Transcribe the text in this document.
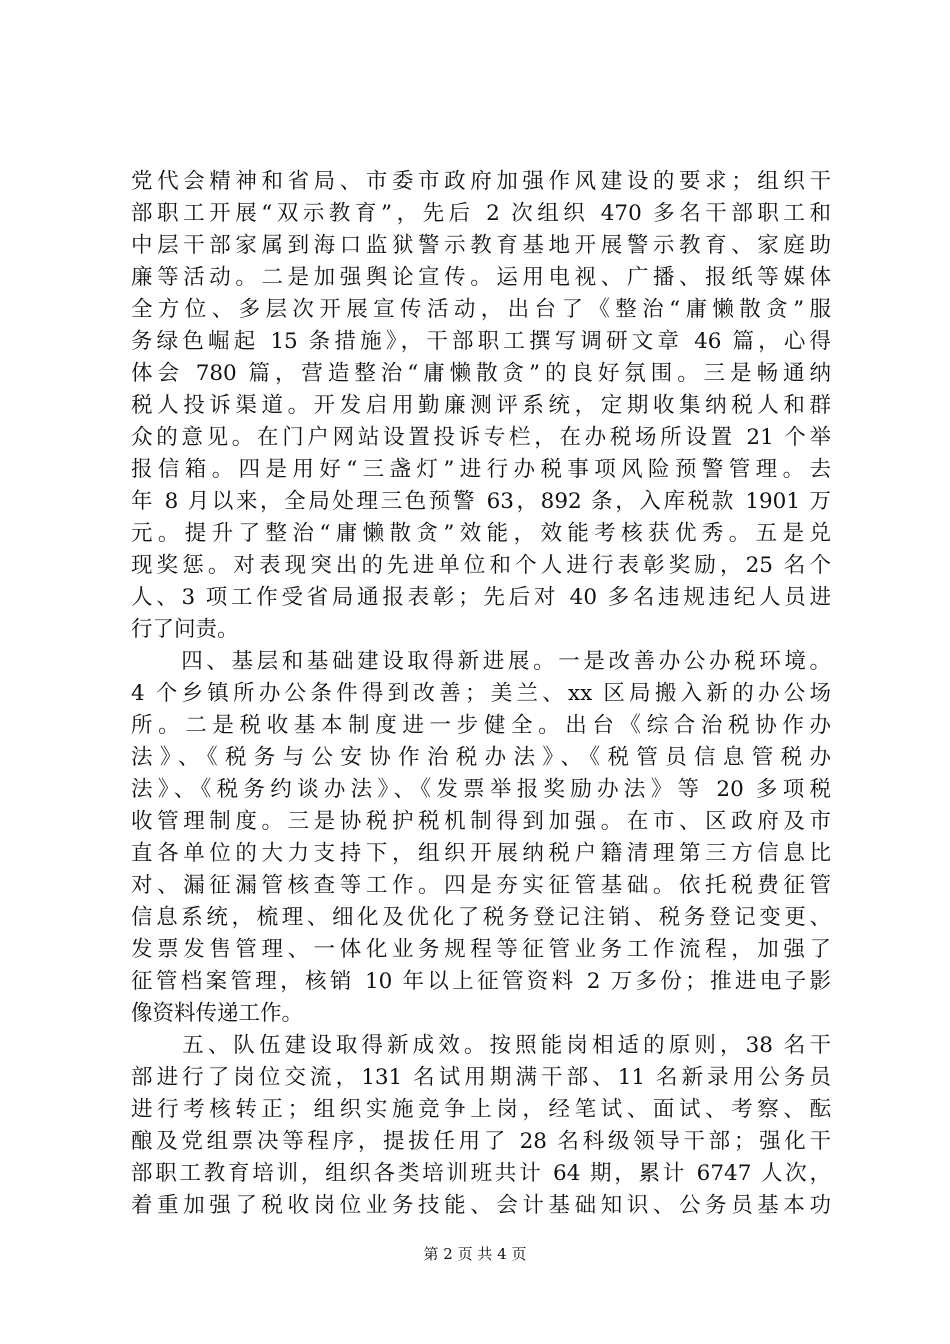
党代会精神和省局、市委市政府加强作风建设的要求；组织干
部职工开展“双示教育”，先后 2 次组织 470 多名干部职工和
中层干部家属到海口监狱警示教育基地开展警示教育、家庭助
廉等活动。二是加强舆论宣传。运用电视、广播、报纸等媒体
全方位、多层次开展宣传活动，出台了《整治“庸懒散贪”服
务绿色崛起 15 条措施》，干部职工撰写调研文章 46 篇，心得
体会 780 篇，营造整治“庸懒散贪”的良好氛围。三是畅通纳
税人投诉渠道。开发启用勤廉测评系统，定期收集纳税人和群
众的意见。在门户网站设置投诉专栏，在办税场所设置 21 个举
报信箱。四是用好“三盏灯”进行办税事项风险预警管理。去
年 8 月以来，全局处理三色预警 63，892 条，入库税款 1901 万
元。提升了整治“庸懒散贪”效能，效能考核获优秀。五是兑
现奖惩。对表现突出的先进单位和个人进行表彰奖励，25 名个
人、3 项工作受省局通报表彰；先后对 40 多名违规违纪人员进
行了问责。
　　四、基层和基础建设取得新进展。一是改善办公办税环境。
4 个乡镇所办公条件得到改善；美兰、xx 区局搬入新的办公场
所。二是税收基本制度进一步健全。出台《综合治税协作办
法》、《税务与公安协作治税办法》、《税管员信息管税办
法》、《税务约谈办法》、《发票举报奖励办法》等 20 多项税
收管理制度。三是协税护税机制得到加强。在市、区政府及市
直各单位的大力支持下，组织开展纳税户籍清理第三方信息比
对、漏征漏管核查等工作。四是夯实征管基础。依托税费征管
信息系统，梳理、细化及优化了税务登记注销、税务登记变更、
发票发售管理、一体化业务规程等征管业务工作流程，加强了
征管档案管理，核销 10 年以上征管资料 2 万多份；推进电子影
像资料传递工作。
　　五、队伍建设取得新成效。按照能岗相适的原则，38 名干
部进行了岗位交流，131 名试用期满干部、11 名新录用公务员
进行考核转正；组织实施竞争上岗，经笔试、面试、考察、酝
酿及党组票决等程序，提拔任用了 28 名科级领导干部；强化干
部职工教育培训，组织各类培训班共计 64 期，累计 6747 人次，
着重加强了税收岗位业务技能、会计基础知识、公务员基本功
第 2 页 共 4 页
